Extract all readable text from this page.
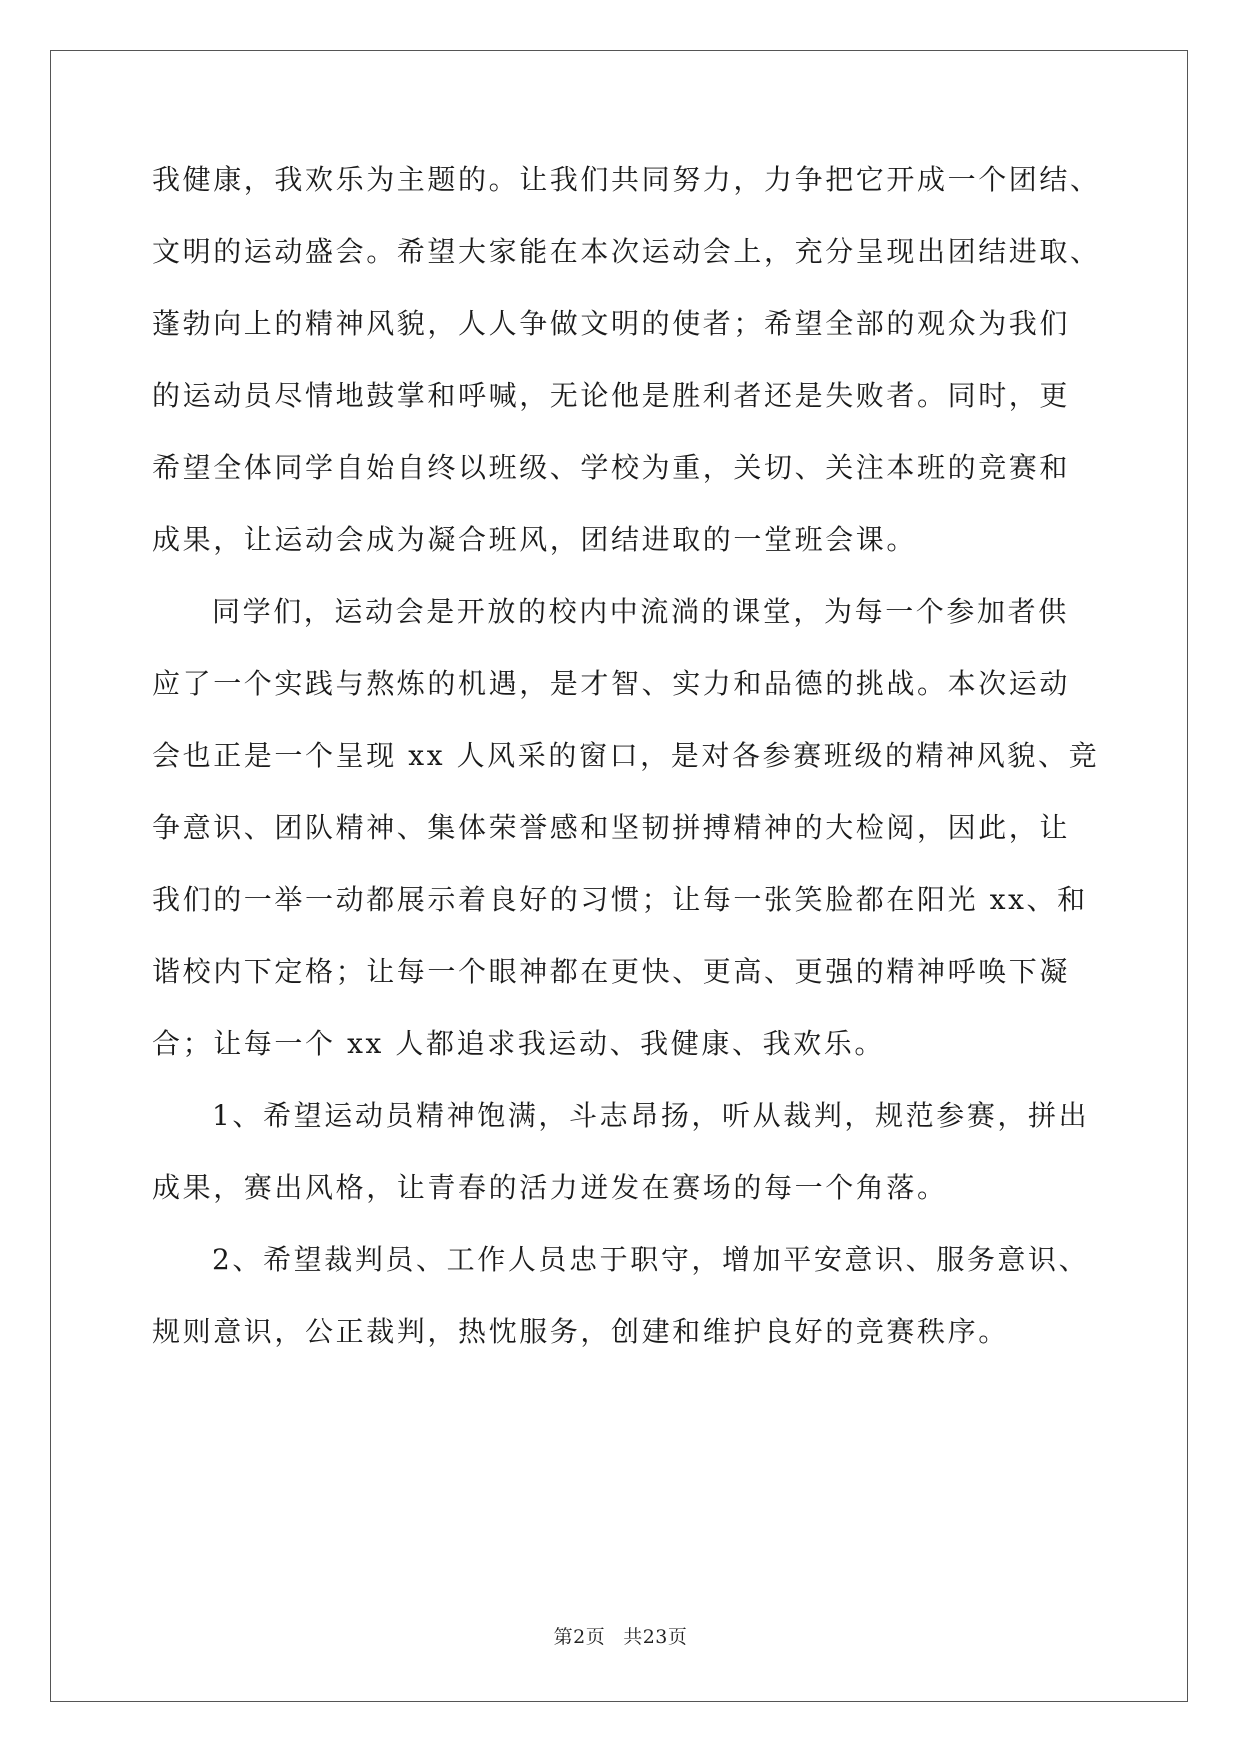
我健康，我欢乐为主题的。让我们共同努力，力争把它开成一个团结、
文明的运动盛会。希望大家能在本次运动会上，充分呈现出团结进取、
蓬勃向上的精神风貌，人人争做文明的使者；希望全部的观众为我们
的运动员尽情地鼓掌和呼喊，无论他是胜利者还是失败者。同时，更
希望全体同学自始自终以班级、学校为重，关切、关注本班的竞赛和
成果，让运动会成为凝合班风，团结进取的一堂班会课。
同学们，运动会是开放的校内中流淌的课堂，为每一个参加者供
应了一个实践与熬炼的机遇，是才智、实力和品德的挑战。本次运动
会也正是一个呈现 xx 人风采的窗口，是对各参赛班级的精神风貌、竞
争意识、团队精神、集体荣誉感和坚韧拼搏精神的大检阅，因此，让
我们的一举一动都展示着良好的习惯；让每一张笑脸都在阳光 xx、和
谐校内下定格；让每一个眼神都在更快、更高、更强的精神呼唤下凝
合；让每一个 xx 人都追求我运动、我健康、我欢乐。
1、希望运动员精神饱满，斗志昂扬，听从裁判，规范参赛，拼出
成果，赛出风格，让青春的活力迸发在赛场的每一个角落。
2、希望裁判员、工作人员忠于职守，增加平安意识、服务意识、
规则意识，公正裁判，热忱服务，创建和维护良好的竞赛秩序。
第2页 共23页
